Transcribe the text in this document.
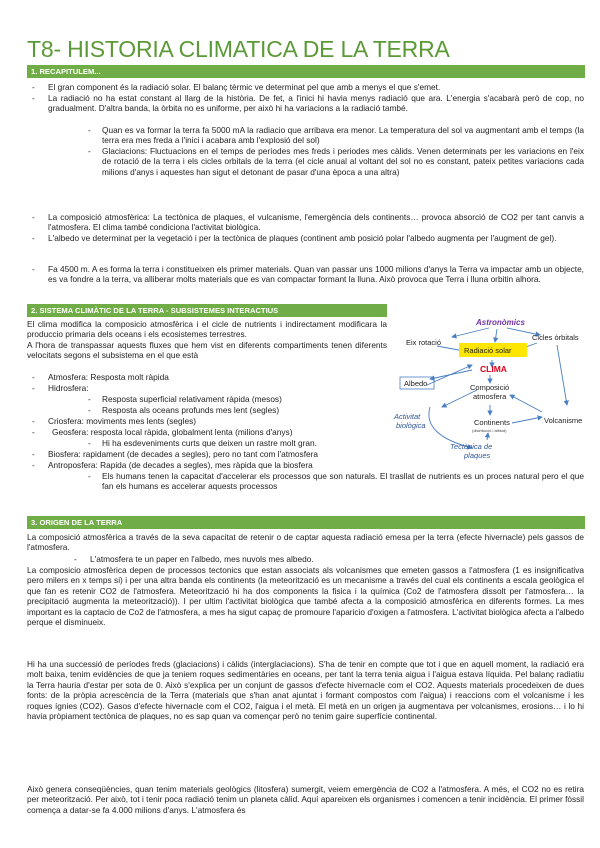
T8- HISTORIA CLIMATICA DE LA TERRA
1. RECAPITULEM...
- El gran component és la radiació solar. El balanç tèrmic ve determinat pel que amb a menys el que s'emet.
- La radiació no ha estat constant al llarg de la història. De fet, a l'inici hi havia menys radiació que ara. L'energia s'acabarà però de cop, no gradualment. D'altra banda, la òrbita no es uniforme, per això hi ha variacions a la radiació també.
- Quan es va formar la terra fa 5000 mA la radiacio que arribava era menor. La temperatura del sol va augmentant amb el temps (la terra era mes freda a l'inici i acabara amb l'explosió del sol)
- Glaciacions: Fluctuacions en el temps de períodes mes freds i periodes mes càlids. Venen determinats per les variacions en l'eix de rotació de la terra i els cicles orbitals de la terra (el cicle anual al voltant del sol no es constant, pateix petites variacions cada milions d'anys i aquestes han sigut el detonant de pasar d'una època a una altra)
- La composició atmosfèrica: La tectònica de plaques, el vulcanisme, l'emergència dels continents… provoca absorció de CO2 per tant canvis a l'atmosfera. El clima també condiciona l'activitat biològica.
- L'albedo ve determinat per la vegetació i per la tectònica de plaques (continent amb posició polar l'albedo augmenta per l'augment de gel).
- Fa 4500 m. A es forma la terra i constitueixen els primer materials. Quan van passar uns 1000 milions d'anys la Terra va impactar amb un objecte, es va fondre a la terra, va alliberar molts materials que es van compactar formant la lluna. Això provoca que Terra i lluna orbitin alhora.
2. SISTEMA CLIMÀTIC DE LA TERRA - SUBSISTEMES INTERACTIUS
El clima modifica la composicio atmosfèrica i el cicle de nutrients i indirectament modificara la produccio primaria dels oceans i els ecosistemes terrestres.
A l'hora de transpassar aquests fluxes que hem vist en diferents compartiments tenen diferents velocitats segons el subsistema en el que està
- Atmosfera: Resposta molt ràpida
- Hidrosfera:
- Resposta superficial relativament ràpida (mesos)
- Resposta als oceans profunds mes lent (segles)
- Criosfera: moviments mes lents (segles)
- Geosfera: resposta local ràpida, globalment lenta (milions d'anys)
- Hi ha esdeveniments curts que deixen un rastre molt gran.
- Biosfera: rapidament (de decades a segles), pero no tant com l'atmosfera
- Antroposfera: Rapida (de decades a segles), mes ràpida que la biosfera
- Els humans tenen la capacitat d'accelerar els processos que son naturals. El trasllat de nutrients es un proces natural pero el que fan els humans es accelerar aquests processos
Astronòmics
Eix rotació
Radiació solar
Cicles òrbitals
CLIMA
Albedo	Composició
atmosfera
Activitat
biològica	Continents
(distribució i altitud)
Volcanisme
Tectònica de
plaques
3. ORIGEN DE LA TERRA
La composició atmosfèrica a través de la seva capacitat de retenir o de captar aquesta radiació emesa per la terra (efecte hivernacle) pels gassos de l'atmosfera.
- L'atmosfera te un paper en l'albedo, mes nuvols mes albedo.
La composicio atmosfèrica depen de processos tectonics que estan associats als volcanismes que emeten gassos a l'atmosfera (1 es insignificativa pero milers en x temps si) i per una altra banda els continents (la meteorització es un mecanisme a través del cual els continents a escala geològica el que fan es retenir CO2 de l'atmosfera. Meteorització hi ha dos components la fisica i la química (Co2 de l'atmosfera dissolt per l'atmosfera… la precipitació augmenta la meteorització)). I per ultim l'activitat biològica que també afecta a la composició atmosfèrica en diferents formes. La mes important es la captacio de Co2 de l'atmosfera, a mes ha sigut capaç de promoure l'aparicio d'oxigen a l'atmosfera. L'activitat biològica afecta a l'albedo perque el disminueix.
Hi ha una successió de períodes freds (glaciacions) i càlids (interglaciacions). S'ha de tenir en compte que tot i que en aquell moment, la radiació era molt baixa, tenim evidències de que ja teniem roques sedimentàries en oceans, per tant la terra tenia aigua i l'aigua estava líquida. Pel balanç radiatiu la Terra hauria d'estar per sota de 0. Això s'explica per un conjunt de gassos d'efecte hivernacle com el CO2. Aquests materials procedeixen de dues fonts: de la pròpia acrescència de la Terra (materials que s'han anat ajuntat i formant compostos com l'aigua) i reaccions com el volcanisme i les roques ígnies (CO2). Gasos d'efecte hivernacle com el CO2, l'aigua i el metà. El metà en un origen ja augmentava per volcanismes, erosions… i lo hi havia pròpiament tectònica de plaques, no es sap quan va començar però no tenim gaire superfície continental.
Això genera conseqüències, quan tenim materials geològics (litosfera) sumergit, veiem emergència de CO2 a l'atmosfera. A més, el CO2 no es retira per meteorització. Per això, tot i tenir poca radiació tenim un planeta càlid. Aquí apareixen els organismes i comencen a tenir incidència. El primer fòssil comença a datar-se fa 4.000 milions d'anys. L'atmosfera és
